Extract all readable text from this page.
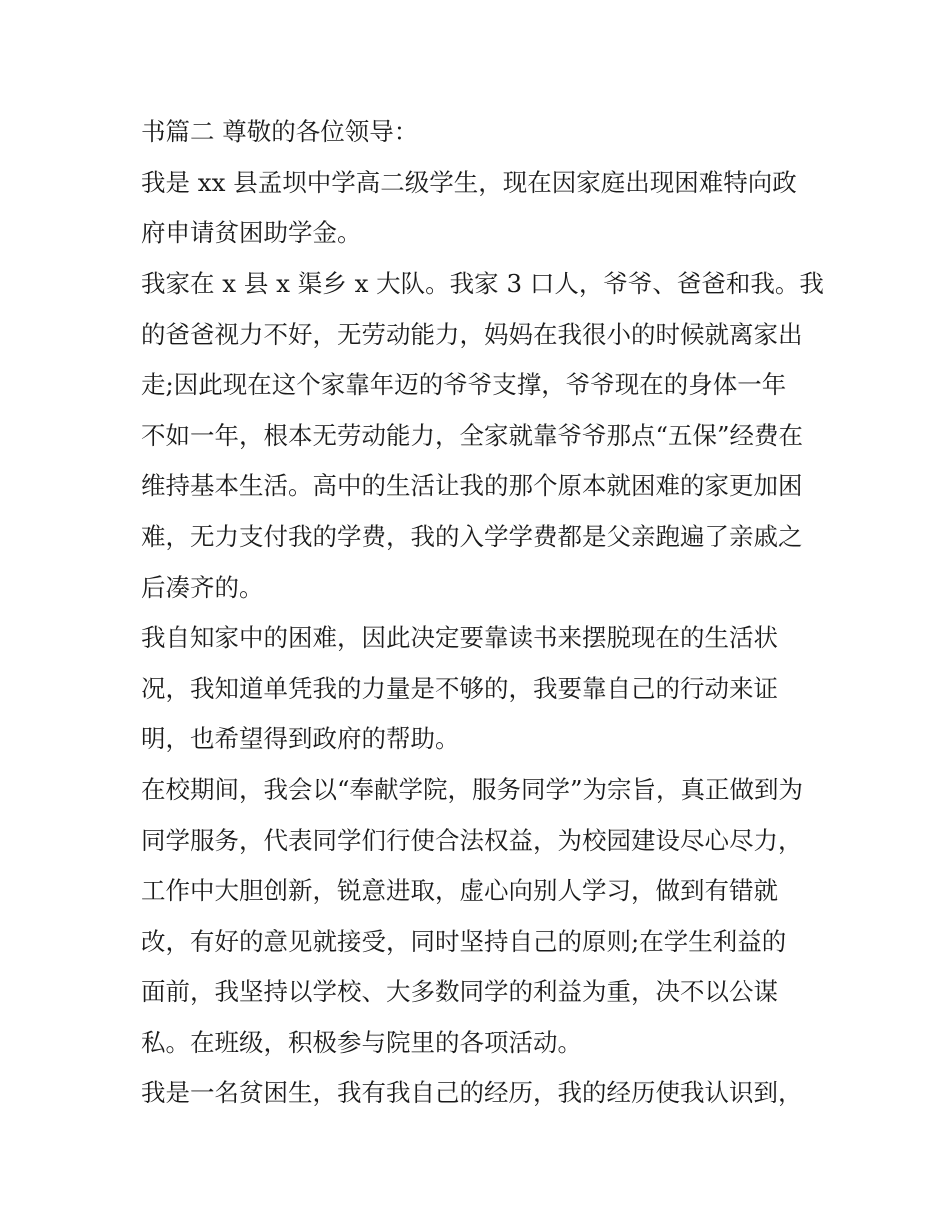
书篇二 尊敬的各位领导：
我是 xx 县孟坝中学高二级学生，现在因家庭出现困难特向政
府申请贫困助学金。
我家在 x 县 x 渠乡 x 大队。我家 3 口人，爷爷、爸爸和我。我
的爸爸视力不好，无劳动能力，妈妈在我很小的时候就离家出
走;因此现在这个家靠年迈的爷爷支撑，爷爷现在的身体一年
不如一年，根本无劳动能力，全家就靠爷爷那点“五保”经费在
维持基本生活。高中的生活让我的那个原本就困难的家更加困
难，无力支付我的学费，我的入学学费都是父亲跑遍了亲戚之
后凑齐的。
我自知家中的困难，因此决定要靠读书来摆脱现在的生活状
况，我知道单凭我的力量是不够的，我要靠自己的行动来证
明，也希望得到政府的帮助。
在校期间，我会以“奉献学院，服务同学”为宗旨，真正做到为
同学服务，代表同学们行使合法权益，为校园建设尽心尽力，
工作中大胆创新，锐意进取，虚心向别人学习，做到有错就
改，有好的意见就接受，同时坚持自己的原则;在学生利益的
面前，我坚持以学校、大多数同学的利益为重，决不以公谋
私。在班级，积极参与院里的各项活动。
我是一名贫困生，我有我自己的经历，我的经历使我认识到，
